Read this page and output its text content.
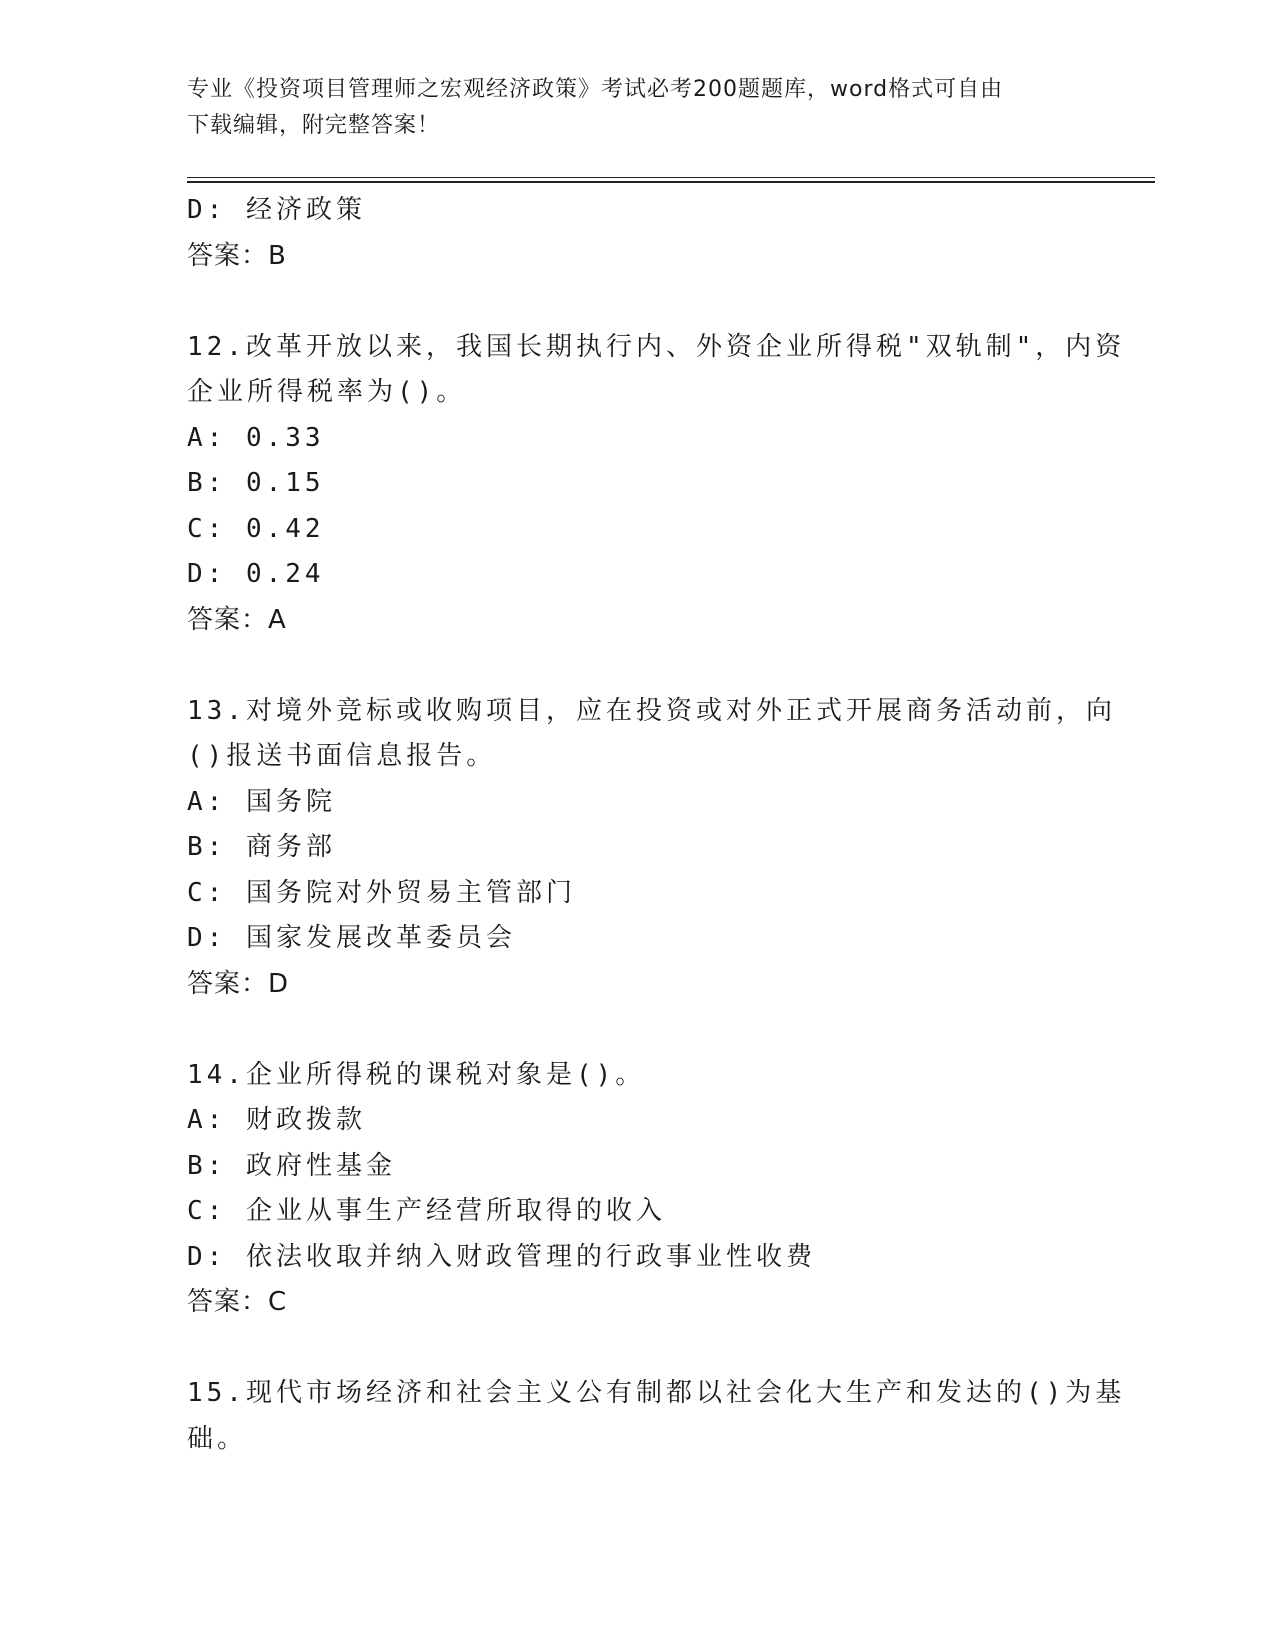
专业《投资项目管理师之宏观经济政策》考试必考200题题库，word格式可自由
下载编辑，附完整答案！
D: 经济政策
答案：B
12.改革开放以来，我国长期执行内、外资企业所得税"双轨制"，内资
企业所得税率为()。
A: 0.33
B: 0.15
C: 0.42
D: 0.24
答案：A
13.对境外竞标或收购项目，应在投资或对外正式开展商务活动前，向
()报送书面信息报告。
A: 国务院
B: 商务部
C: 国务院对外贸易主管部门
D: 国家发展改革委员会
答案：D
14.企业所得税的课税对象是()。
A: 财政拨款
B: 政府性基金
C: 企业从事生产经营所取得的收入
D: 依法收取并纳入财政管理的行政事业性收费
答案：C
15.现代市场经济和社会主义公有制都以社会化大生产和发达的()为基
础。
